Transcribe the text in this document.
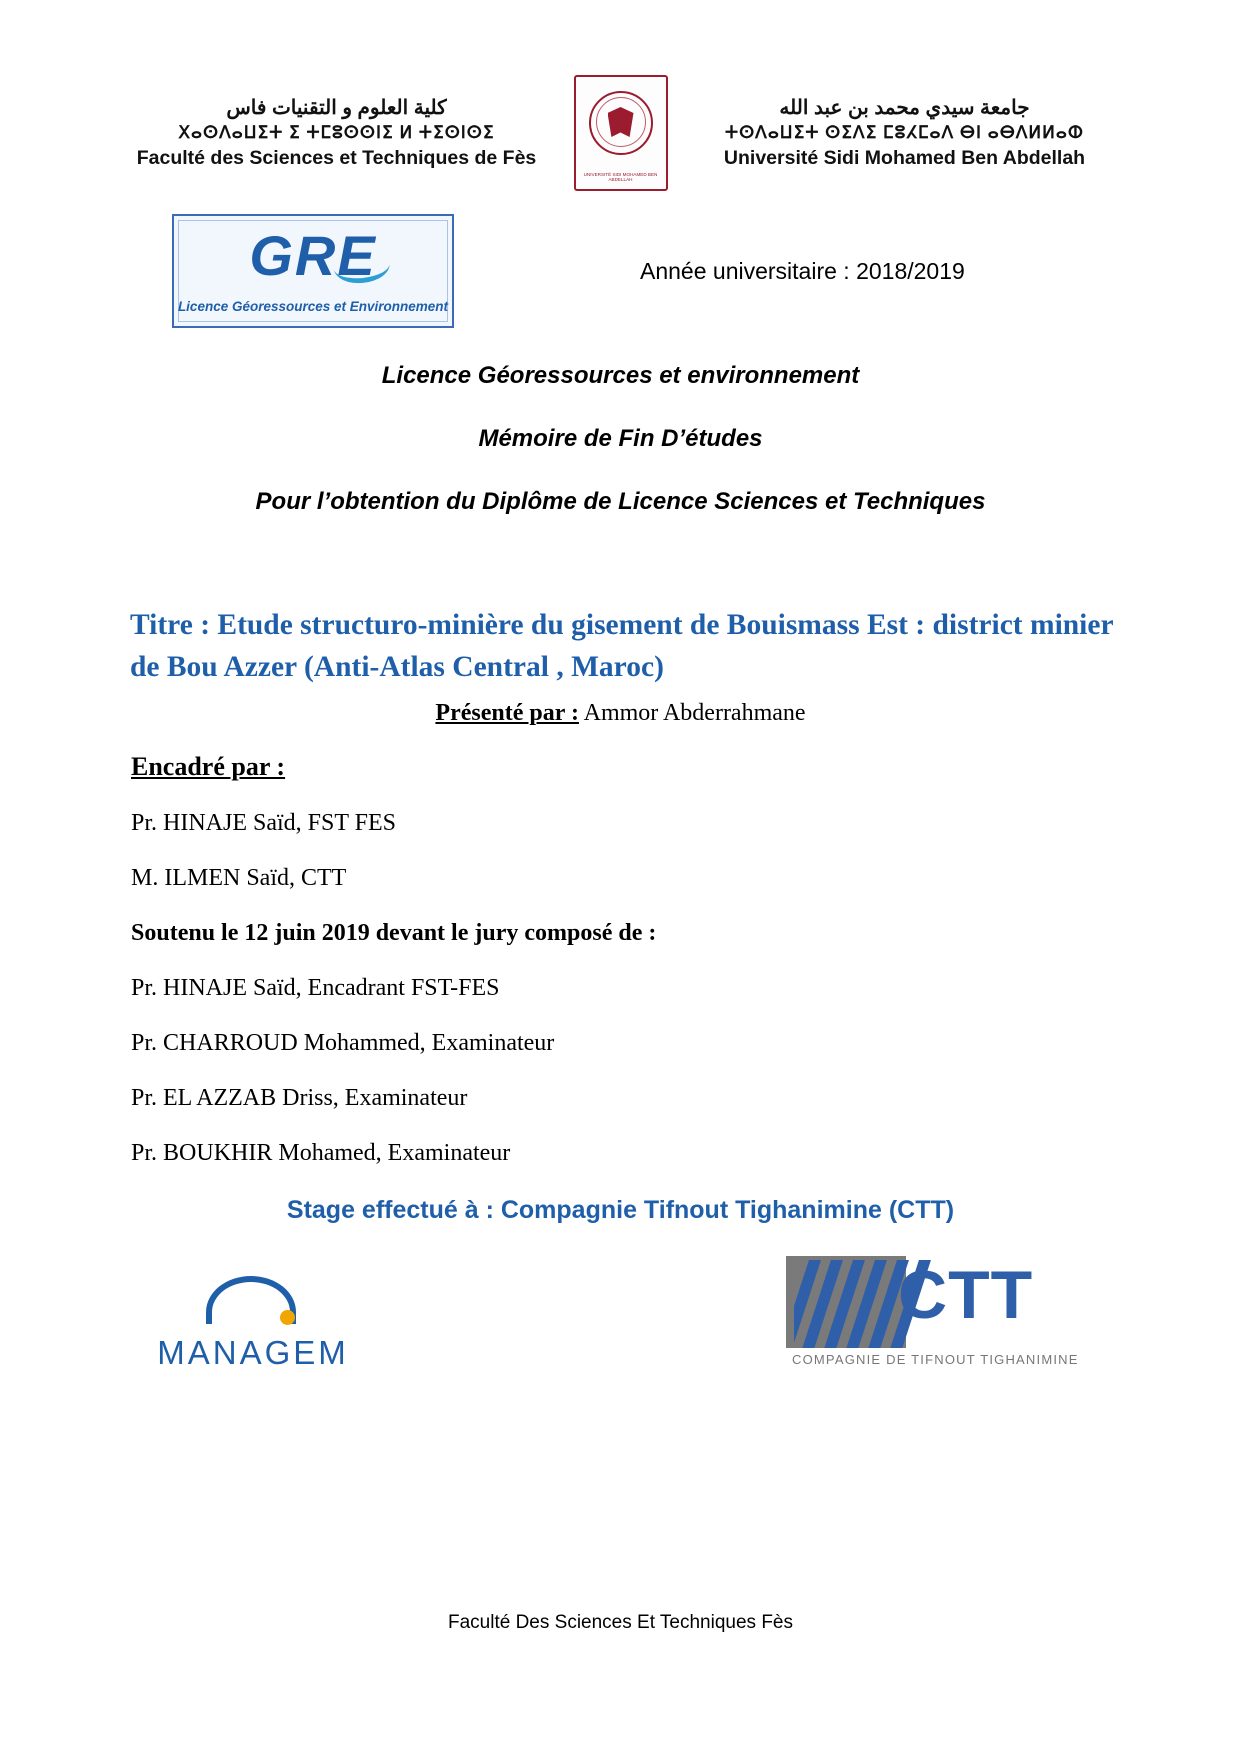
كلية العلوم و التقنيات فاس
ⵝⴰⵙⴷⴰⵡⵉⵜ ⵉ ⵜⵎⵓⵙⵙⵏⵉ ⵍ ⵜⵉⵙⵏⵙⵉ
Faculté des Sciences et Techniques de Fès
UNIVERSITÉ SIDI MOHAMED BEN ABDELLAH
جامعة سيدي محمد بن عبد الله
ⵜⵙⴷⴰⵡⵉⵜ ⵙⵉⴷⵉ ⵎⵓⵃⵎⴰⴷ ⴱⵏ ⴰⴱⴷⵍⵍⴰⵀ
Université Sidi Mohamed Ben Abdellah
GRE
Licence Géoressources et Environnement
Année universitaire : 2018/2019
Licence Géoressources et environnement
Mémoire de Fin D’études
Pour l’obtention du Diplôme de Licence Sciences et Techniques
Titre : Etude structuro-minière du gisement de Bouismass Est : district minier de Bou Azzer (Anti-Atlas Central , Maroc)
Présenté par : Ammor Abderrahmane
Encadré par :
Pr. HINAJE Saïd, FST FES
M. ILMEN Saïd, CTT
Soutenu le 12 juin 2019 devant le jury composé de :
Pr. HINAJE Saïd, Encadrant FST-FES
Pr. CHARROUD Mohammed, Examinateur
Pr. EL AZZAB Driss, Examinateur
Pr. BOUKHIR Mohamed, Examinateur
Stage effectué à : Compagnie Tifnout Tighanimine (CTT)
MANAGEM
CTT
COMPAGNIE DE TIFNOUT TIGHANIMINE
Faculté Des Sciences Et Techniques Fès
